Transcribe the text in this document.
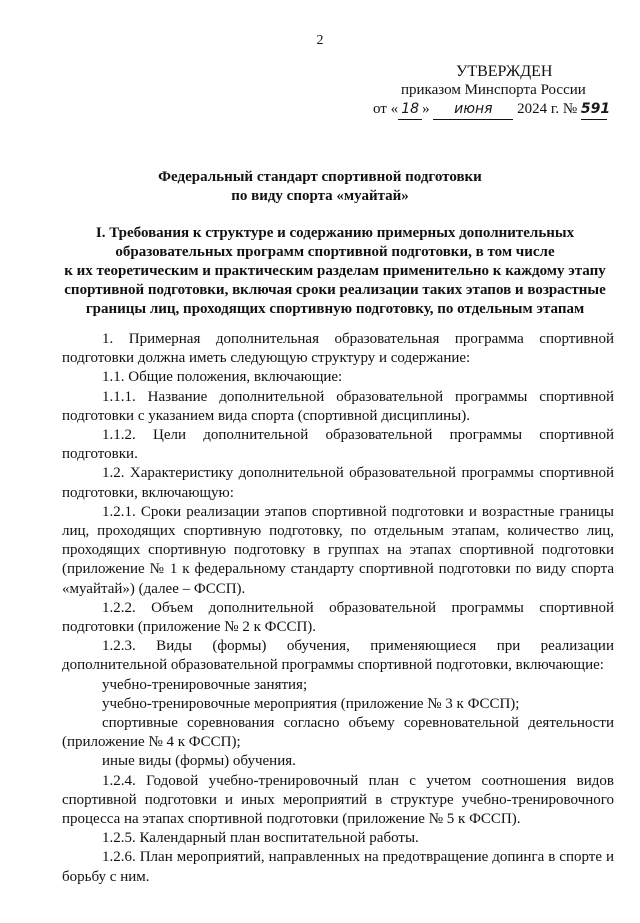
2
УТВЕРЖДЕН
приказом Минспорта России
от « 18 » июня 2024 г. № 591
Федеральный стандарт спортивной подготовки
по виду спорта «муайтай»
I. Требования к структуре и содержанию примерных дополнительных
образовательных программ спортивной подготовки, в том числе
к их теоретическим и практическим разделам применительно к каждому этапу
спортивной подготовки, включая сроки реализации таких этапов и возрастные
границы лиц, проходящих спортивную подготовку, по отдельным этапам

1. Примерная дополнительная образовательная программа спортивной подготовки должна иметь следующую структуру и содержание:

1.1. Общие положения, включающие:

1.1.1. Название дополнительной образовательной программы спортивной подготовки с указанием вида спорта (спортивной дисциплины).

1.1.2. Цели дополнительной образовательной программы спортивной подготовки.

1.2. Характеристику дополнительной образовательной программы спортивной подготовки, включающую:

1.2.1. Сроки реализации этапов спортивной подготовки и возрастные границы лиц, проходящих спортивную подготовку, по отдельным этапам, количество лиц, проходящих спортивную подготовку в группах на этапах спортивной подготовки (приложение № 1 к федеральному стандарту спортивной подготовки по виду спорта «муайтай») (далее – ФССП).

1.2.2. Объем дополнительной образовательной программы спортивной подготовки (приложение № 2 к ФССП).

1.2.3. Виды (формы) обучения, применяющиеся при реализации дополнительной образовательной программы спортивной подготовки, включающие:

учебно-тренировочные занятия;

учебно-тренировочные мероприятия (приложение № 3 к ФССП);

спортивные соревнования согласно объему соревновательной деятельности (приложение № 4 к ФССП);

иные виды (формы) обучения.

1.2.4. Годовой учебно-тренировочный план с учетом соотношения видов спортивной подготовки и иных мероприятий в структуре учебно-тренировочного процесса на этапах спортивной подготовки (приложение № 5 к ФССП).

1.2.5. Календарный план воспитательной работы.

1.2.6. План мероприятий, направленных на предотвращение допинга в спорте и борьбу с ним.
